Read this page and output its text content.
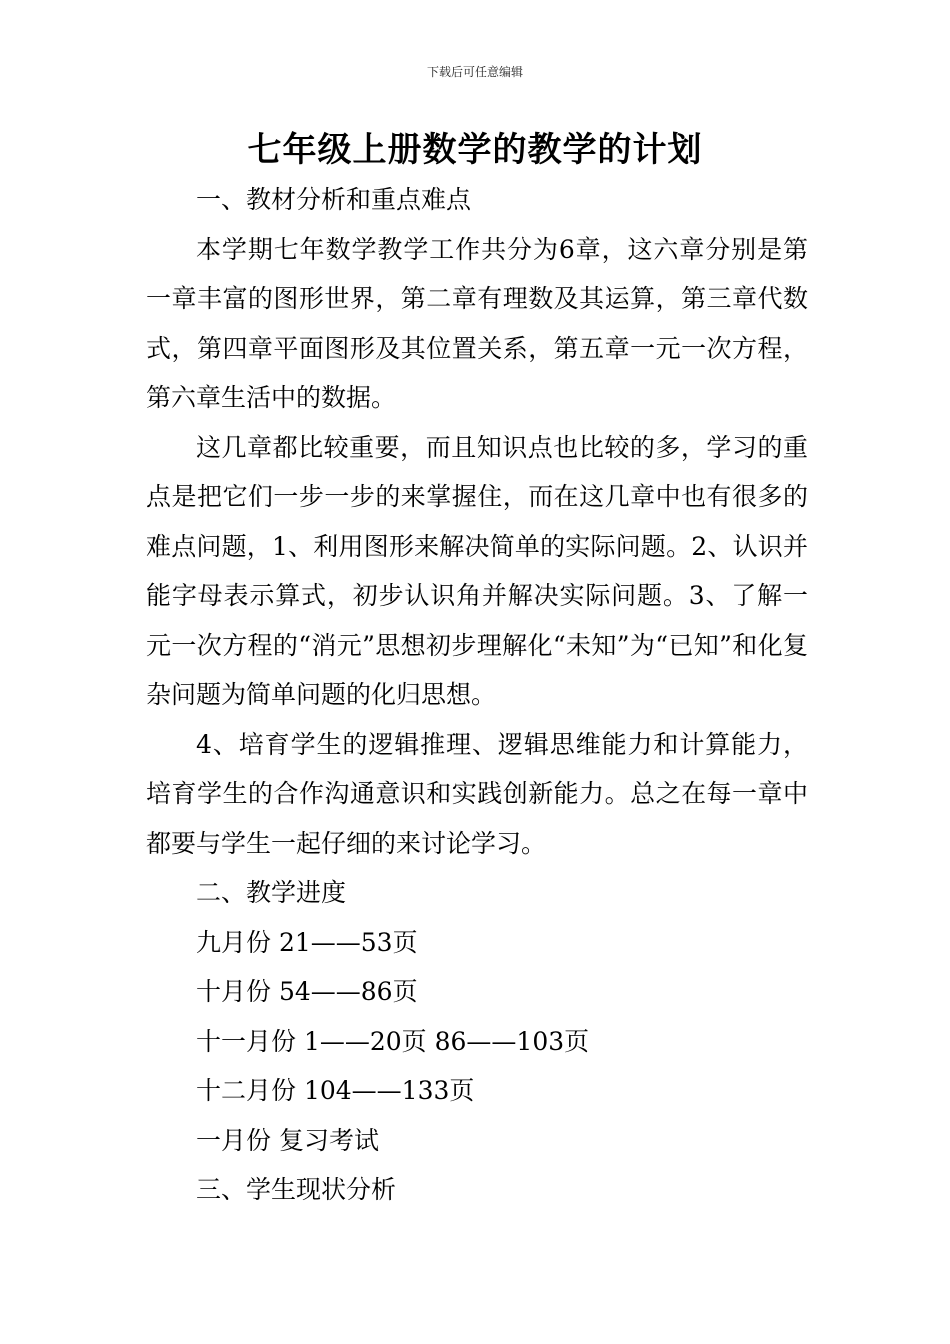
下载后可任意编辑
七年级上册数学的教学的计划

一、教材分析和重点难点

本学期七年数学教学工作共分为6章，这六章分别是第一章丰富的图形世界，第二章有理数及其运算，第三章代数式，第四章平面图形及其位置关系，第五章一元一次方程，第六章生活中的数据。

这几章都比较重要，而且知识点也比较的多，学习的重点是把它们一步一步的来掌握住，而在这几章中也有很多的难点问题，1、利用图形来解决简单的实际问题。2、认识并能字母表示算式，初步认识角并解决实际问题。3、了解一元一次方程的“消元”思想初步理解化“未知”为“已知”和化复杂问题为简单问题的化归思想。

4、培育学生的逻辑推理、逻辑思维能力和计算能力，培育学生的合作沟通意识和实践创新能力。总之在每一章中都要与学生一起仔细的来讨论学习。

二、教学进度

九月份 21——53页

十月份 54——86页

十一月份 1——20页 86——103页

十二月份 104——133页

一月份 复习考试

三、学生现状分析
